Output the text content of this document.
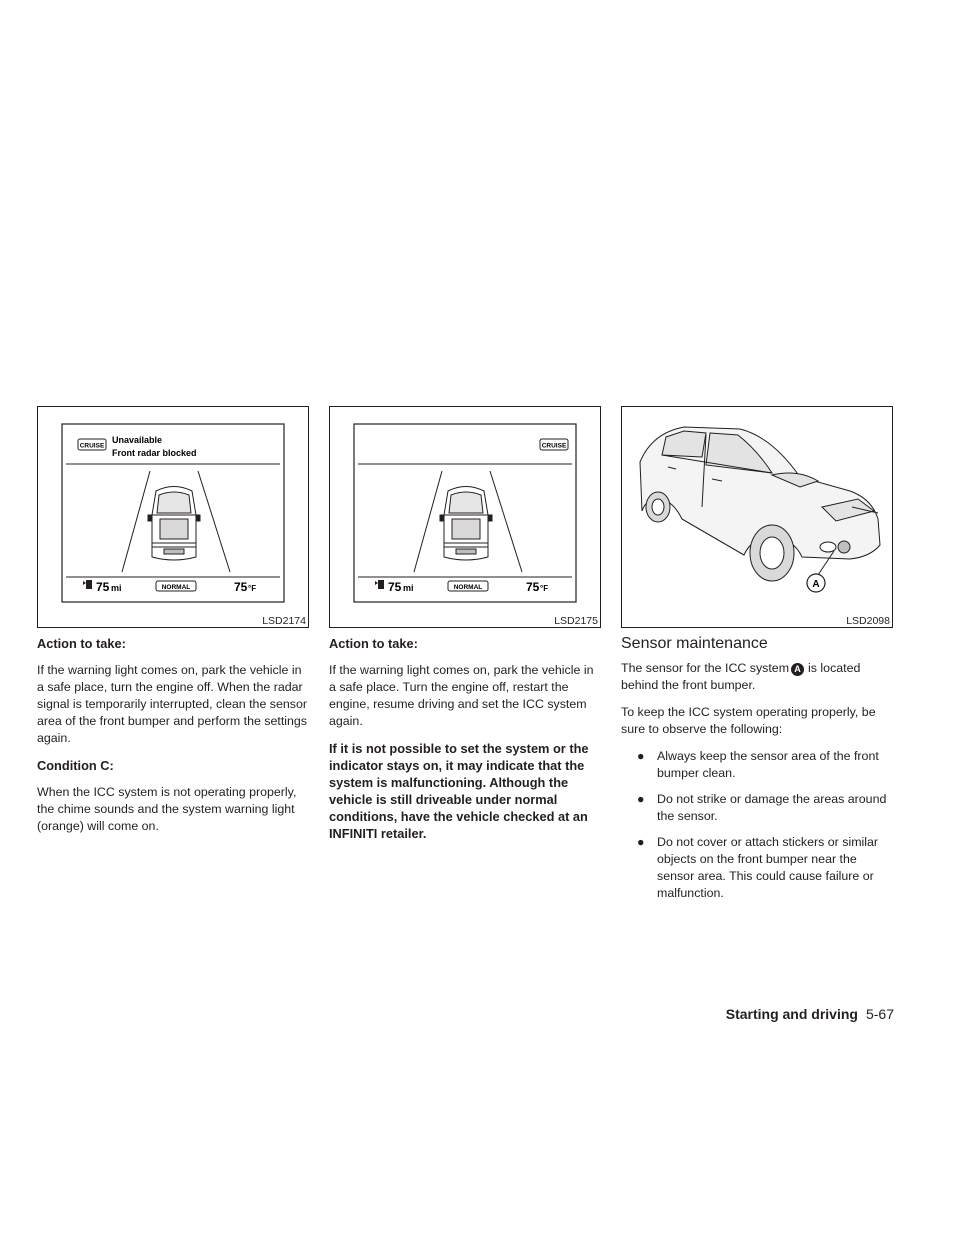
CRUISE
Unavailable
Front radar blocked
75 mi	NORMAL	75 °F
LSD2174

Action to take:

If the warning light comes on, park the vehicle in a safe place, turn the engine off. When the radar signal is temporarily interrupted, clean the sensor area of the front bumper and perform the settings again.

Condition C:

When the ICC system is not operating properly, the chime sounds and the system warning light (orange) will come on.

CRUISE
75 mi	NORMAL	75 °F
LSD2175

Action to take:

If the warning light comes on, park the vehicle in a safe place. Turn the engine off, restart the engine, resume driving and set the ICC system again.

If it is not possible to set the system or the indicator stays on, it may indicate that the system is malfunctioning. Although the vehicle is still driveable under normal conditions, have the vehicle checked at an INFINITI retailer.

A
LSD2098
Sensor maintenance

The sensor for the ICC system A is located behind the front bumper.

To keep the ICC system operating properly, be sure to observe the following:

● Always keep the sensor area of the front bumper clean.
● Do not strike or damage the areas around the sensor.
● Do not cover or attach stickers or similar objects on the front bumper near the sensor area. This could cause failure or malfunction.
Starting and driving 5-67
